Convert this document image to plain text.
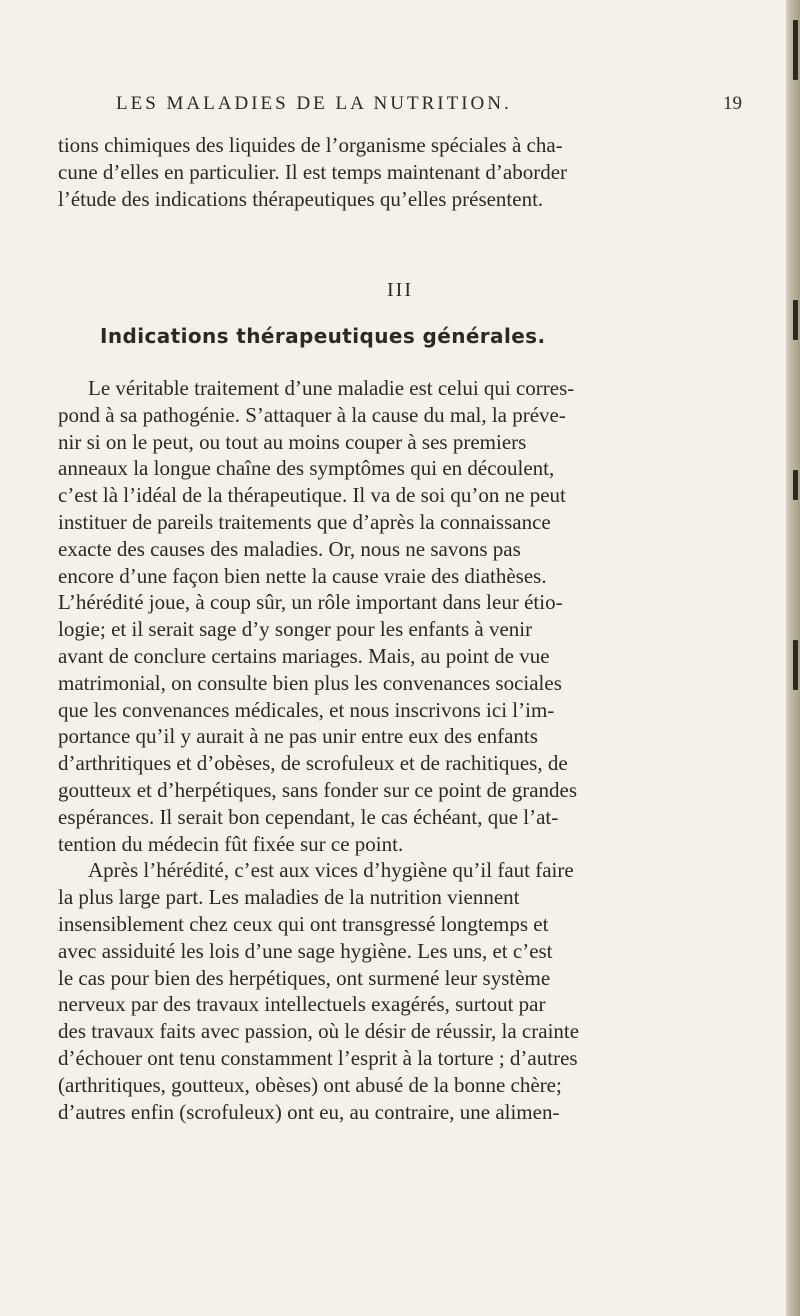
LES MALADIES DE LA NUTRITION.	19
tions chimiques des liquides de l’organisme spéciales à cha-
cune d’elles en particulier. Il est temps maintenant d’aborder
l’étude des indications thérapeutiques qu’elles présentent.
III
Indications thérapeutiques générales.
Le véritable traitement d’une maladie est celui qui corres-
pond à sa pathogénie. S’attaquer à la cause du mal, la préve-
nir si on le peut, ou tout au moins couper à ses premiers
anneaux la longue chaîne des symptômes qui en découlent,
c’est là l’idéal de la thérapeutique. Il va de soi qu’on ne peut
instituer de pareils traitements que d’après la connaissance
exacte des causes des maladies. Or, nous ne savons pas
encore d’une façon bien nette la cause vraie des diathèses.
L’hérédité joue, à coup sûr, un rôle important dans leur étio-
logie; et il serait sage d’y songer pour les enfants à venir
avant de conclure certains mariages. Mais, au point de vue
matrimonial, on consulte bien plus les convenances sociales
que les convenances médicales, et nous inscrivons ici l’im-
portance qu’il y aurait à ne pas unir entre eux des enfants
d’arthritiques et d’obèses, de scrofuleux et de rachitiques, de
goutteux et d’herpétiques, sans fonder sur ce point de grandes
espérances. Il serait bon cependant, le cas échéant, que l’at-
tention du médecin fût fixée sur ce point.
Après l’hérédité, c’est aux vices d’hygiène qu’il faut faire
la plus large part. Les maladies de la nutrition viennent
insensiblement chez ceux qui ont transgressé longtemps et
avec assiduité les lois d’une sage hygiène. Les uns, et c’est
le cas pour bien des herpétiques, ont surmené leur système
nerveux par des travaux intellectuels exagérés, surtout par
des travaux faits avec passion, où le désir de réussir, la crainte
d’échouer ont tenu constamment l’esprit à la torture ; d’autres
(arthritiques, goutteux, obèses) ont abusé de la bonne chère;
d’autres enfin (scrofuleux) ont eu, au contraire, une alimen-
